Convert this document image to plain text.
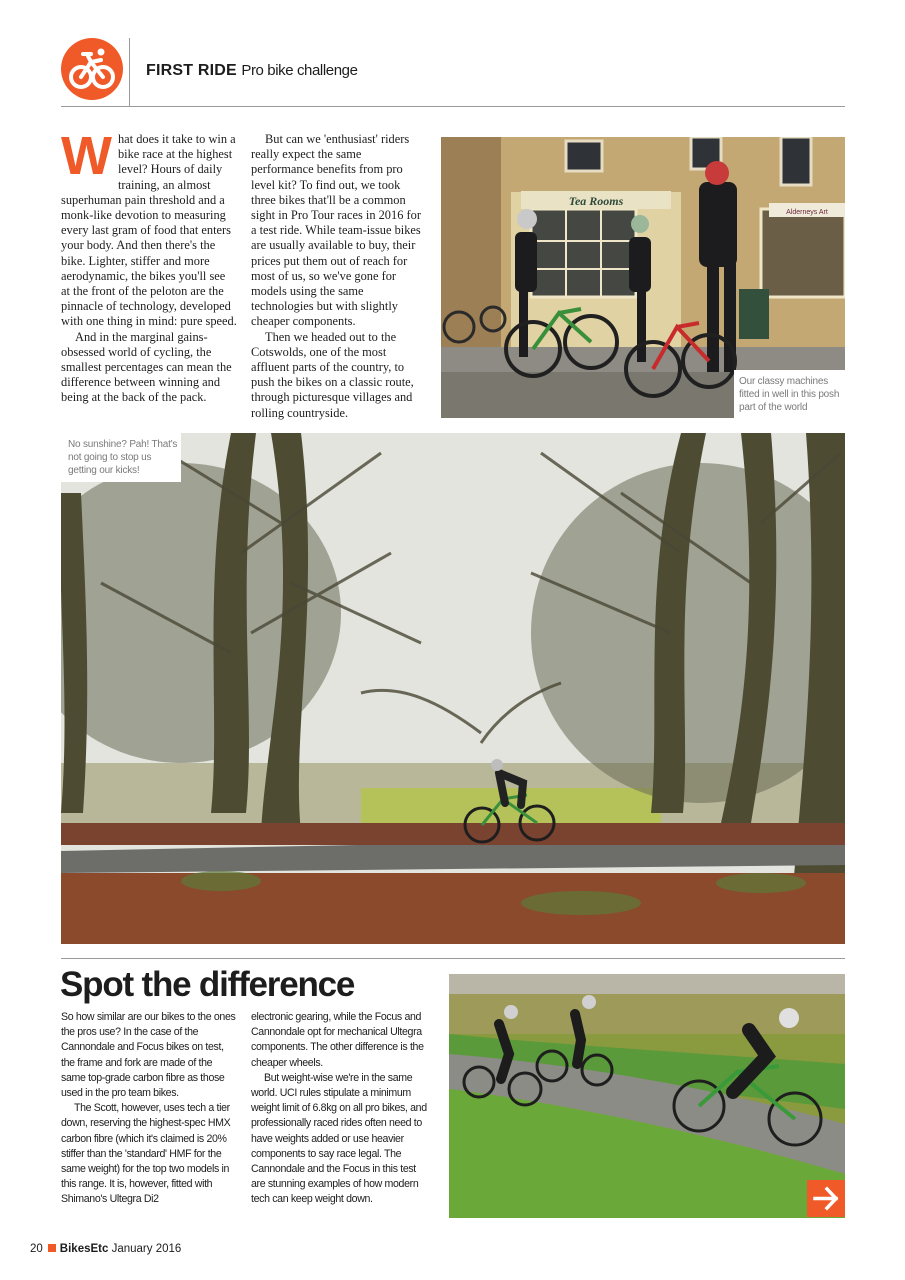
FIRST RIDE Pro bike challenge
W hat does it take to win a bike race at the highest level? Hours of daily training, an almost superhuman pain threshold and a monk-like devotion to measuring every last gram of food that enters your body. And then there's the bike. Lighter, stiffer and more aerodynamic, the bikes you'll see at the front of the peloton are the pinnacle of technology, developed with one thing in mind: pure speed.

And in the marginal gains-obsessed world of cycling, the smallest percentages can mean the difference between winning and being at the back of the pack.

But can we 'enthusiast' riders really expect the same performance benefits from pro level kit? To find out, we took three bikes that'll be a common sight in Pro Tour races in 2016 for a test ride. While team-issue bikes are usually available to buy, their prices put them out of reach for most of us, so we've gone for models using the same technologies but with slightly cheaper components.

Then we headed out to the Cotswolds, one of the most affluent parts of the country, to push the bikes on a classic route, through picturesque villages and rolling countryside.

Tea Rooms
Alderneys Art
Our classy machines fitted in well in this posh part of the world
No sunshine? Pah! That's not going to stop us getting our kicks!
Spot the difference

So how similar are our bikes to the ones the pros use? In the case of the Cannondale and Focus bikes on test, the frame and fork are made of the same top-grade carbon fibre as those used in the pro team bikes.

The Scott, however, uses tech a tier down, reserving the highest-spec HMX carbon fibre (which it's claimed is 20% stiffer than the 'standard' HMF for the same weight) for the top two models in this range. It is, however, fitted with Shimano's Ultegra Di2

electronic gearing, while the Focus and Cannondale opt for mechanical Ultegra components. The other difference is the cheaper wheels.

But weight-wise we're in the same world. UCI rules stipulate a minimum weight limit of 6.8kg on all pro bikes, and professionally raced rides often need to have weights added or use heavier components to say race legal. The Cannondale and the Focus in this test are stunning examples of how modern tech can keep weight down.

20 BikesEtc January 2016
